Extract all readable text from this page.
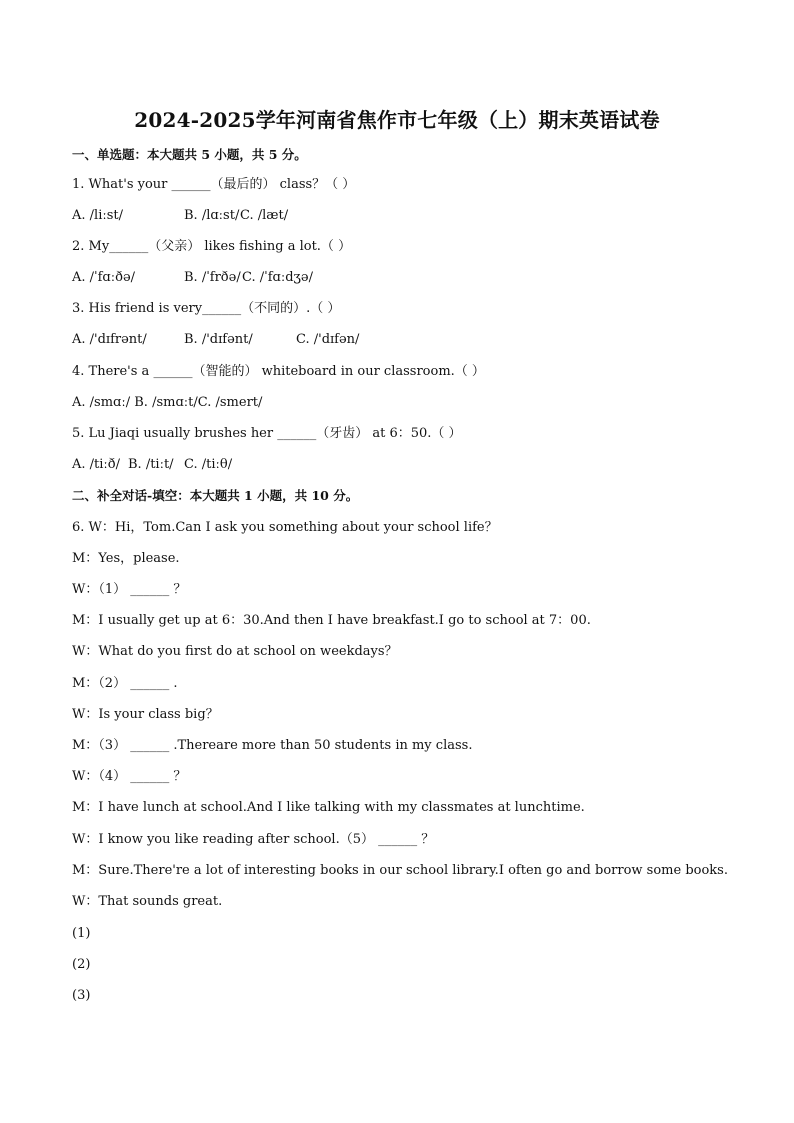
2024-2025学年河南省焦作市七年级（上）期末英语试卷
一、单选题：本大题共 5 小题，共 5 分。
1. What's your ______（最后的） class？（ ）
A. /liːst/	B. /lɑːst/C. /læt/
2. My______（父亲） likes fishing a lot.（ ）
A. /ˈfɑːðə/	B. /ˈfrðə/C. /ˈfɑːdʒə/
3. His friend is very______（不同的）.（ ）
A. /'dɪfrənt/	B. /'dɪfənt/	C. /'dɪfən/
4. There's a ______（智能的） whiteboard in our classroom.（ ）
A. /smɑː/ B. /smɑːt/C. /smert/
5. Lu Jiaqi usually brushes her ______（牙齿） at 6：50.（ ）
A. /tiːð/ B. /tiːt/ C. /tiːθ/
二、补全对话-填空：本大题共 1 小题，共 10 分。
6. W：Hi，Tom.Can I ask you something about your school life？
M：Yes，please.
W：（1） ______ ？
M：I usually get up at 6：30.And then I have breakfast.I go to school at 7：00.
W：What do you first do at school on weekdays？
M：（2） ______ .
W：Is your class big？
M：（3） ______ .Thereare more than 50 students in my class.
W：（4） ______ ？
M：I have lunch at school.And I like talking with my classmates at lunchtime.
W：I know you like reading after school.（5） ______ ？
M：Sure.There're a lot of interesting books in our school library.I often go and borrow some books.
W：That sounds great.
(1)
(2)
(3)
